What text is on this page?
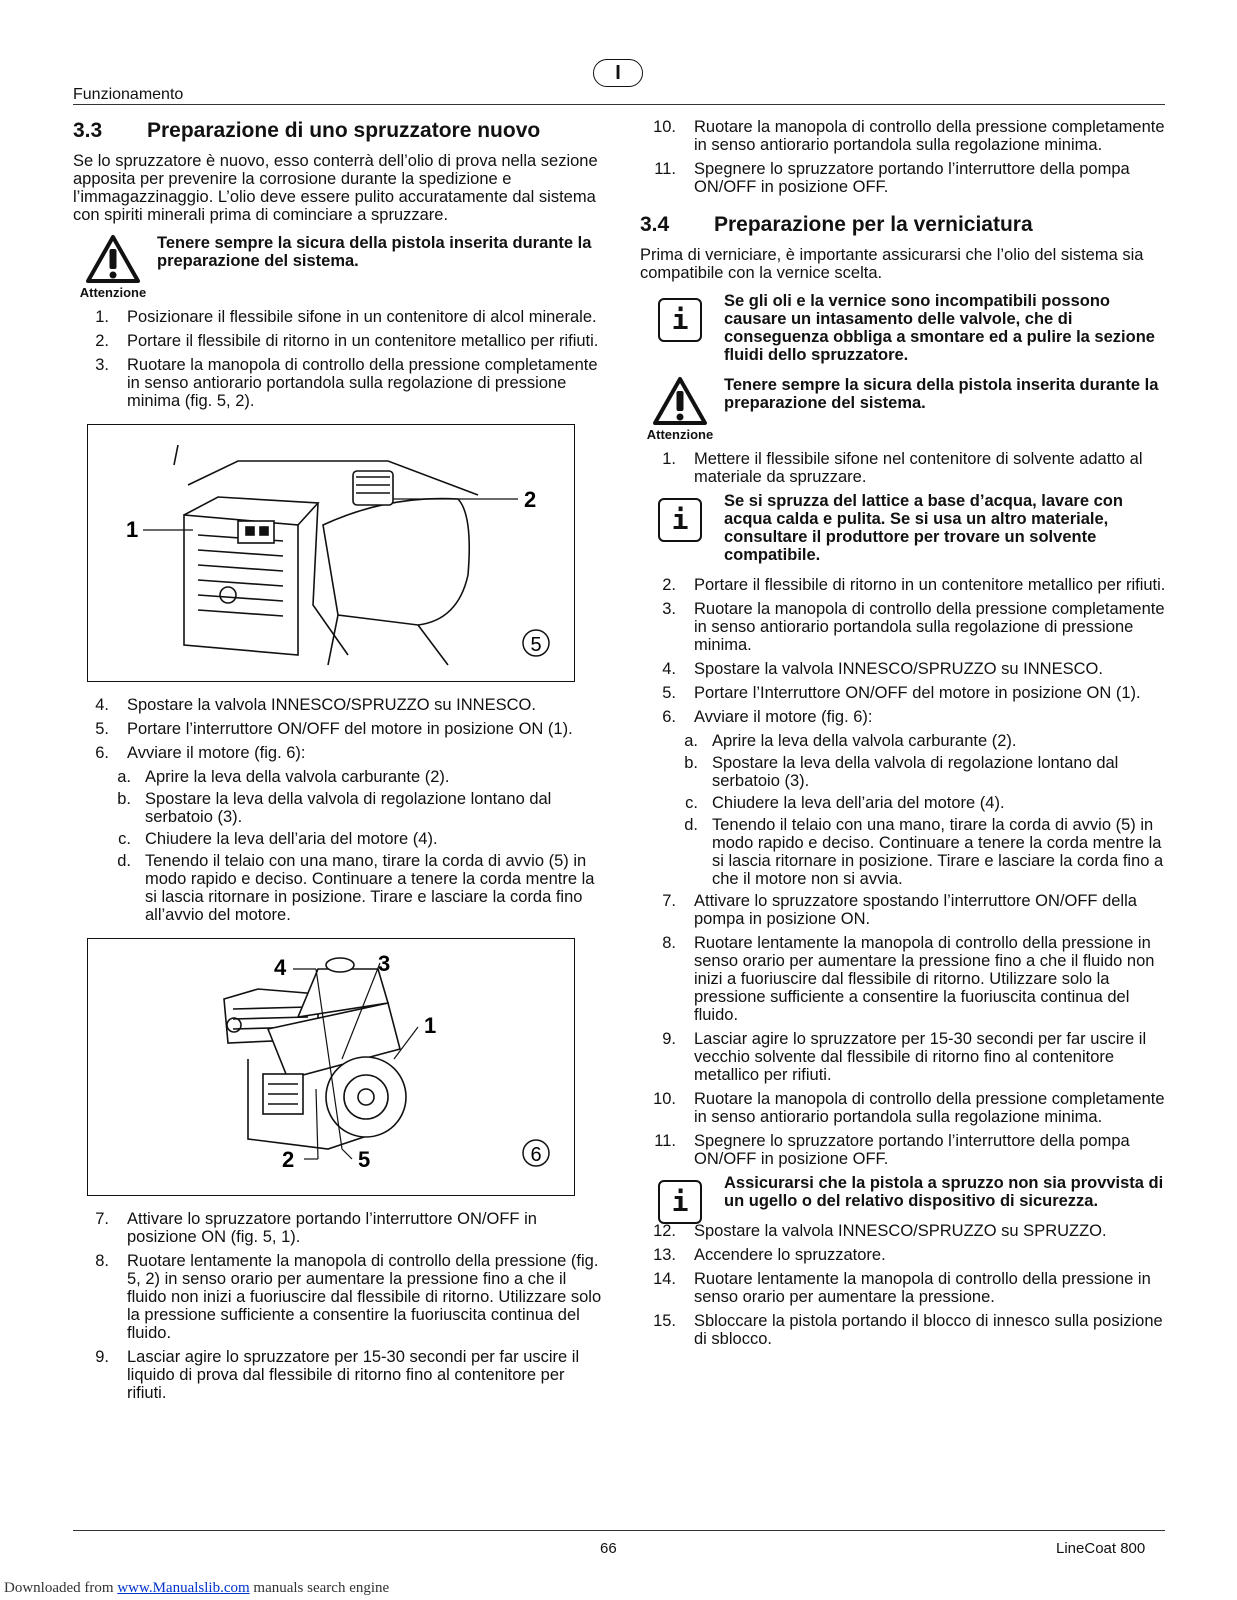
I
Funzionamento
3.3 Preparazione di uno spruzzatore nuovo

Se lo spruzzatore è nuovo, esso conterrà dell’olio di prova nella sezione apposita per prevenire la corrosione durante la spedizione e l’immagazzinaggio. L’olio deve essere pulito accuratamente dal sistema con spiriti minerali prima di cominciare a spruzzare.

Attenzione
Tenere sempre la sicura della pistola inserita durante la preparazione del sistema.
1. Posizionare il flessibile sifone in un contenitore di alcol minerale.
2. Portare il flessibile di ritorno in un contenitore metallico per rifiuti.
3. Ruotare la manopola di controllo della pressione completamente in senso antiorario portandola sulla regolazione di pressione minima (fig. 5, 2).
1
2
5
4. Spostare la valvola INNESCO/SPRUZZO su INNESCO.
5. Portare l’interruttore ON/OFF del motore in posizione ON (1).
6. Avviare il motore (fig. 6):
a. Aprire la leva della valvola carburante (2).
b. Spostare la leva della valvola di regolazione lontano dal serbatoio (3).
c. Chiudere la leva dell’aria del motore (4).
d. Tenendo il telaio con una mano, tirare la corda di avvio (5) in modo rapido e deciso. Continuare a tenere la corda mentre la si lascia ritornare in posizione. Tirare e lasciare la corda fino all’avvio del motore.
4	3
1
2	5	6
7. Attivare lo spruzzatore portando l’interruttore ON/OFF in posizione ON (fig. 5, 1).
8. Ruotare lentamente la manopola di controllo della pressione (fig. 5, 2) in senso orario per aumentare la pressione fino a che il fluido non inizi a fuoriuscire dal flessibile di ritorno. Utilizzare solo la pressione sufficiente a consentire la fuoriuscita continua del fluido.
9. Lasciar agire lo spruzzatore per 15-30 secondi per far uscire il liquido di prova dal flessibile di ritorno fino al contenitore per rifiuti.
10. Ruotare la manopola di controllo della pressione completamente in senso antiorario portandola sulla regolazione minima.
11. Spegnere lo spruzzatore portando l’interruttore della pompa ON/OFF in posizione OFF.
3.4 Preparazione per la verniciatura

Prima di verniciare, è importante assicurarsi che l’olio del sistema sia compatibile con la vernice scelta.

i
Se gli oli e la vernice sono incompatibili possono causare un intasamento delle valvole, che di conseguenza obbliga a smontare ed a pulire la sezione fluidi dello spruzzatore.
Attenzione
Tenere sempre la sicura della pistola inserita durante la preparazione del sistema.
1. Mettere il flessibile sifone nel contenitore di solvente adatto al materiale da spruzzare.
i
Se si spruzza del lattice a base d’acqua, lavare con acqua calda e pulita. Se si usa un altro materiale, consultare il produttore per trovare un solvente compatibile.
2. Portare il flessibile di ritorno in un contenitore metallico per rifiuti.
3. Ruotare la manopola di controllo della pressione completamente in senso antiorario portandola sulla regolazione di pressione minima.
4. Spostare la valvola INNESCO/SPRUZZO su INNESCO.
5. Portare l’Interruttore ON/OFF del motore in posizione ON (1).
6. Avviare il motore (fig. 6):
a. Aprire la leva della valvola carburante (2).
b. Spostare la leva della valvola di regolazione lontano dal serbatoio (3).
c. Chiudere la leva dell’aria del motore (4).
d. Tenendo il telaio con una mano, tirare la corda di avvio (5) in modo rapido e deciso. Continuare a tenere la corda mentre la si lascia ritornare in posizione. Tirare e lasciare la corda fino a che il motore non si avvia.
7. Attivare lo spruzzatore spostando l’interruttore ON/OFF della pompa in posizione ON.
8. Ruotare lentamente la manopola di controllo della pressione in senso orario per aumentare la pressione fino a che il fluido non inizi a fuoriuscire dal flessibile di ritorno. Utilizzare solo la pressione sufficiente a consentire la fuoriuscita continua del fluido.
9. Lasciar agire lo spruzzatore per 15-30 secondi per far uscire il vecchio solvente dal flessibile di ritorno fino al contenitore metallico per rifiuti.
10. Ruotare la manopola di controllo della pressione completamente in senso antiorario portandola sulla regolazione minima.
11. Spegnere lo spruzzatore portando l’interruttore della pompa ON/OFF in posizione OFF.
i
Assicurarsi che la pistola a spruzzo non sia provvista di un ugello o del relativo dispositivo di sicurezza.
12. Spostare la valvola INNESCO/SPRUZZO su SPRUZZO.
13. Accendere lo spruzzatore.
14. Ruotare lentamente la manopola di controllo della pressione in senso orario per aumentare la pressione.
15. Sbloccare la pistola portando il blocco di innesco sulla posizione di sblocco.
66	LineCoat 800
Downloaded from www.Manualslib.com manuals search engine
